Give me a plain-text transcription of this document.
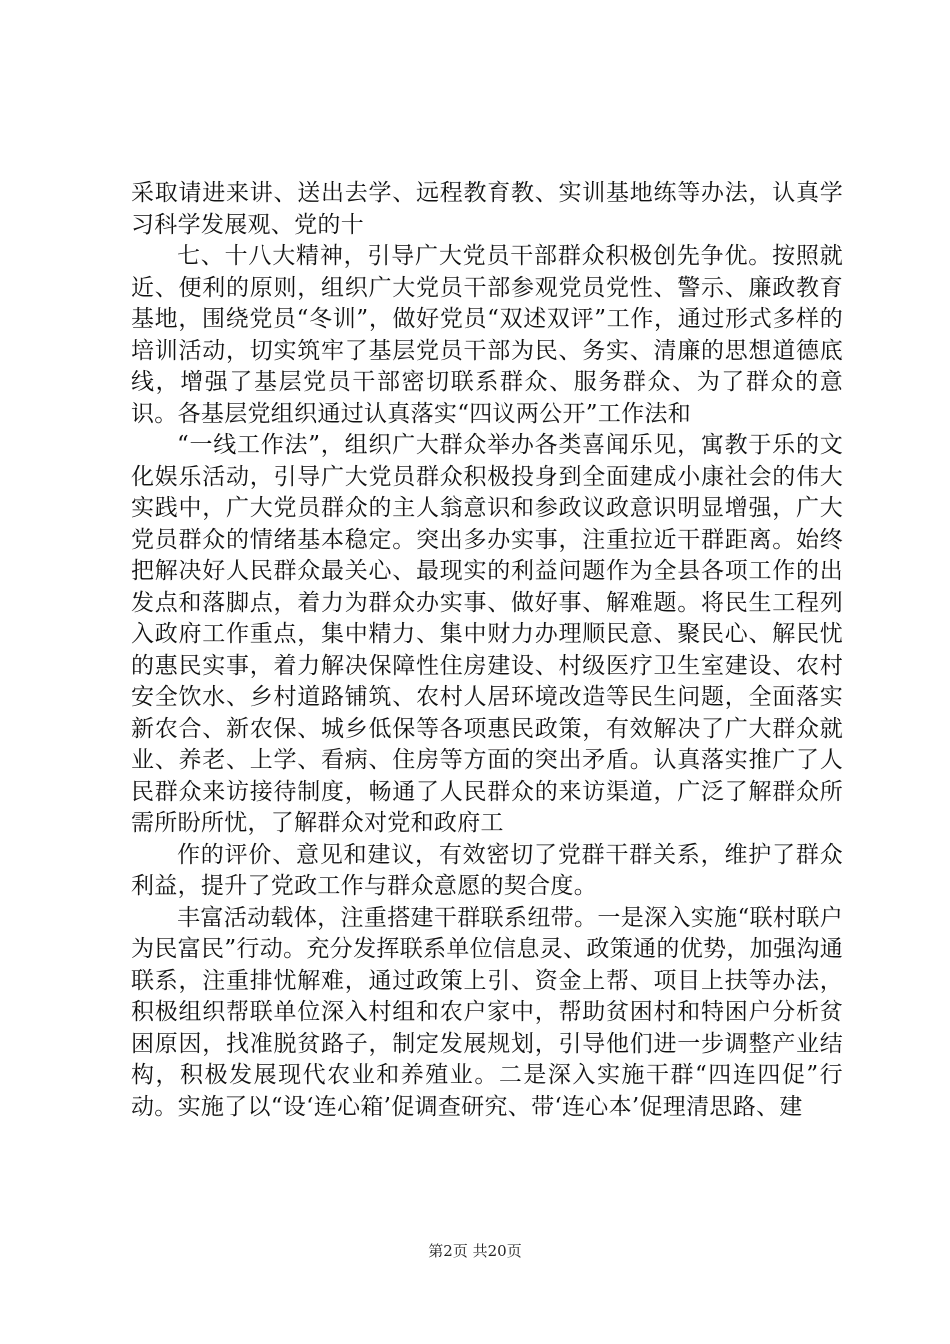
采取请进来讲、送出去学、远程教育教、实训基地练等办法，认真学习科学发展观、党的十

七、十八大精神，引导广大党员干部群众积极创先争优。按照就近、便利的原则，组织广大党员干部参观党员党性、警示、廉政教育基地，围绕党员“冬训”，做好党员“双述双评”工作，通过形式多样的培训活动，切实筑牢了基层党员干部为民、务实、清廉的思想道德底线，增强了基层党员干部密切联系群众、服务群众、为了群众的意识。各基层党组织通过认真落实“四议两公开”工作法和

“一线工作法”，组织广大群众举办各类喜闻乐见，寓教于乐的文化娱乐活动，引导广大党员群众积极投身到全面建成小康社会的伟大实践中，广大党员群众的主人翁意识和参政议政意识明显增强，广大党员群众的情绪基本稳定。突出多办实事，注重拉近干群距离。始终把解决好人民群众最关心、最现实的利益问题作为全县各项工作的出发点和落脚点，着力为群众办实事、做好事、解难题。将民生工程列入政府工作重点，集中精力、集中财力办理顺民意、聚民心、解民忧的惠民实事，着力解决保障性住房建设、村级医疗卫生室建设、农村安全饮水、乡村道路铺筑、农村人居环境改造等民生问题，全面落实新农合、新农保、城乡低保等各项惠民政策，有效解决了广大群众就业、养老、上学、看病、住房等方面的突出矛盾。认真落实推广了人民群众来访接待制度，畅通了人民群众的来访渠道，广泛了解群众所需所盼所忧，了解群众对党和政府工

作的评价、意见和建议，有效密切了党群干群关系，维护了群众利益，提升了党政工作与群众意愿的契合度。

丰富活动载体，注重搭建干群联系纽带。一是深入实施“联村联户为民富民”行动。充分发挥联系单位信息灵、政策通的优势，加强沟通联系，注重排忧解难，通过政策上引、资金上帮、项目上扶等办法，积极组织帮联单位深入村组和农户家中，帮助贫困村和特困户分析贫困原因，找准脱贫路子，制定发展规划，引导他们进一步调整产业结构，积极发展现代农业和养殖业。二是深入实施干群“四连四促”行动。实施了以“设‘连心箱’促调查研究、带‘连心本’促理清思路、建

第2页 共20页
